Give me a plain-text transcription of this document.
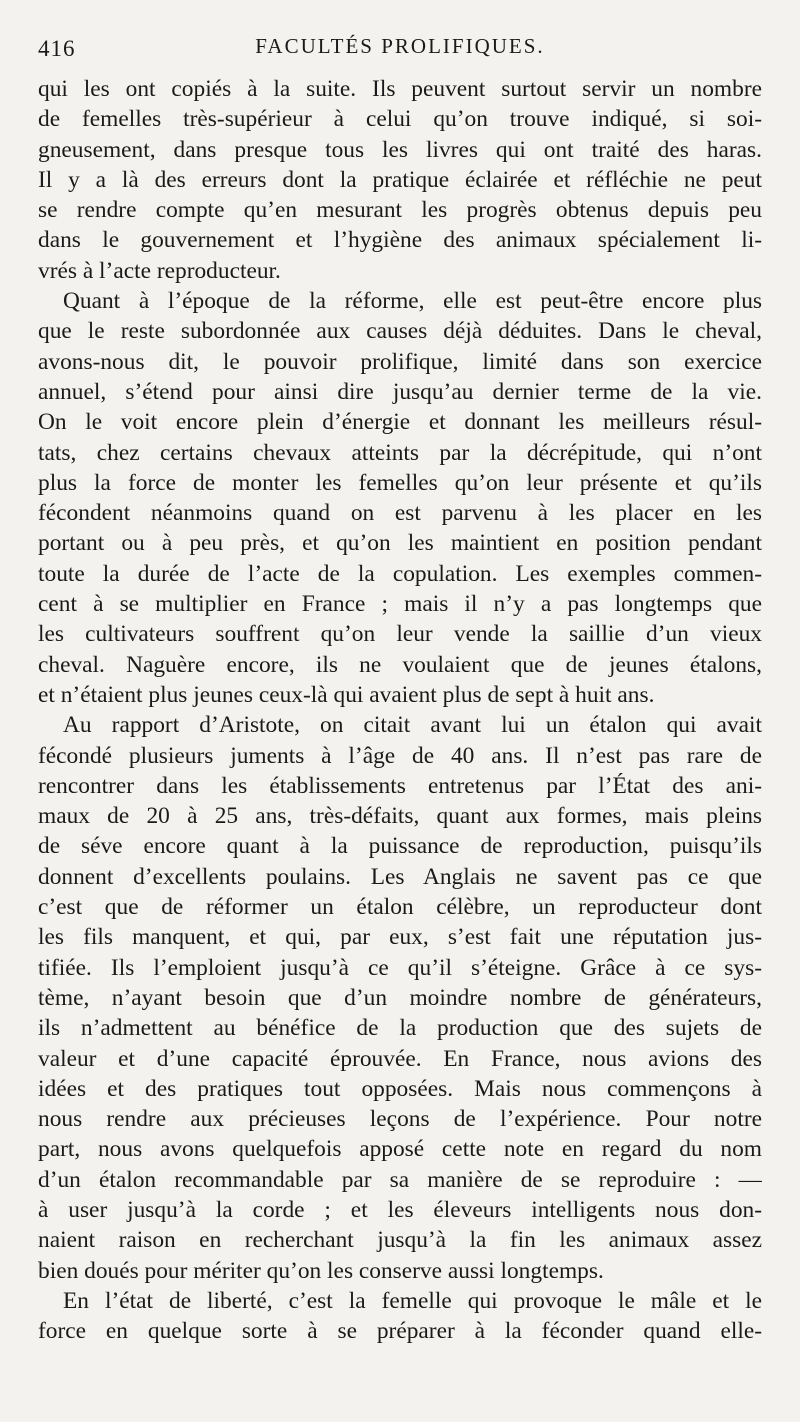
416	FACULTÉS PROLIFIQUES.
qui les ont copiés à la suite. Ils peuvent surtout servir un nombre
de femelles très-supérieur à celui qu’on trouve indiqué, si soi-
gneusement, dans presque tous les livres qui ont traité des haras.
Il y a là des erreurs dont la pratique éclairée et réfléchie ne peut
se rendre compte qu’en mesurant les progrès obtenus depuis peu
dans le gouvernement et l’hygiène des animaux spécialement li-
vrés à l’acte reproducteur.
Quant à l’époque de la réforme, elle est peut-être encore plus
que le reste subordonnée aux causes déjà déduites. Dans le cheval,
avons-nous dit, le pouvoir prolifique, limité dans son exercice
annuel, s’étend pour ainsi dire jusqu’au dernier terme de la vie.
On le voit encore plein d’énergie et donnant les meilleurs résul-
tats, chez certains chevaux atteints par la décrépitude, qui n’ont
plus la force de monter les femelles qu’on leur présente et qu’ils
fécondent néanmoins quand on est parvenu à les placer en les
portant ou à peu près, et qu’on les maintient en position pendant
toute la durée de l’acte de la copulation. Les exemples commen-
cent à se multiplier en France ; mais il n’y a pas longtemps que
les cultivateurs souffrent qu’on leur vende la saillie d’un vieux
cheval. Naguère encore, ils ne voulaient que de jeunes étalons,
et n’étaient plus jeunes ceux-là qui avaient plus de sept à huit ans.
Au rapport d’Aristote, on citait avant lui un étalon qui avait
fécondé plusieurs juments à l’âge de 40 ans. Il n’est pas rare de
rencontrer dans les établissements entretenus par l’État des ani-
maux de 20 à 25 ans, très-défaits, quant aux formes, mais pleins
de séve encore quant à la puissance de reproduction, puisqu’ils
donnent d’excellents poulains. Les Anglais ne savent pas ce que
c’est que de réformer un étalon célèbre, un reproducteur dont
les fils manquent, et qui, par eux, s’est fait une réputation jus-
tifiée. Ils l’emploient jusqu’à ce qu’il s’éteigne. Grâce à ce sys-
tème, n’ayant besoin que d’un moindre nombre de générateurs,
ils n’admettent au bénéfice de la production que des sujets de
valeur et d’une capacité éprouvée. En France, nous avions des
idées et des pratiques tout opposées. Mais nous commençons à
nous rendre aux précieuses leçons de l’expérience. Pour notre
part, nous avons quelquefois apposé cette note en regard du nom
d’un étalon recommandable par sa manière de se reproduire : —
à user jusqu’à la corde ; et les éleveurs intelligents nous don-
naient raison en recherchant jusqu’à la fin les animaux assez
bien doués pour mériter qu’on les conserve aussi longtemps.
En l’état de liberté, c’est la femelle qui provoque le mâle et le
force en quelque sorte à se préparer à la féconder quand elle-
